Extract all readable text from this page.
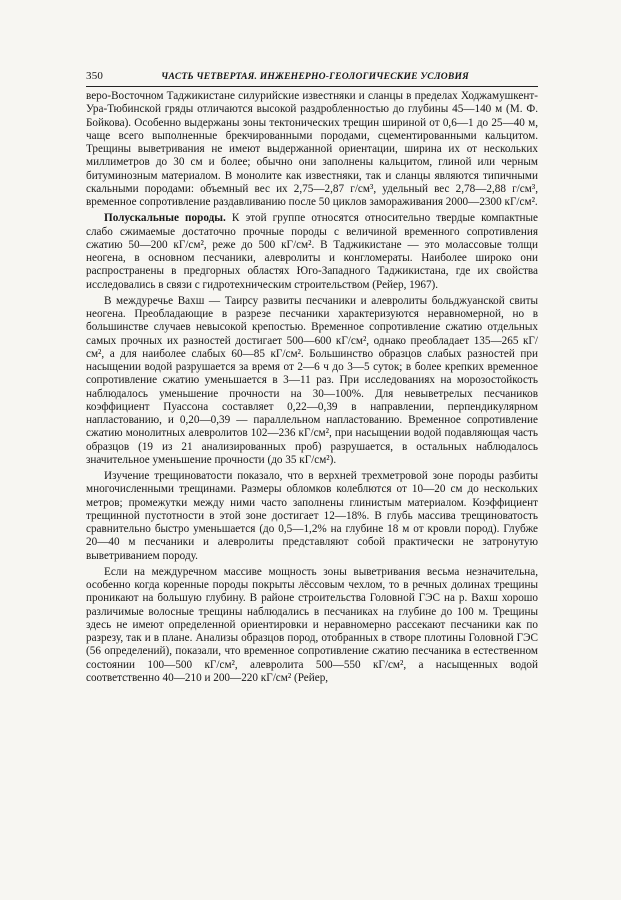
350	ЧАСТЬ ЧЕТВЕРТАЯ. ИНЖЕНЕРНО-ГЕОЛОГИЧЕСКИЕ УСЛОВИЯ

веро-Восточном Таджикистане силурийские известняки и сланцы в пределах Ходжамушкент-Ура-Тюбинской гряды отличаются высокой раздробленностью до глубины 45—140 м (М. Ф. Бойкова). Особенно выдержаны зоны тектонических трещин шириной от 0,6—1 до 25—40 м, чаще всего выполненные брекчированными породами, сцементированными кальцитом. Трещины выветривания не имеют выдержанной ориентации, ширина их от нескольких миллиметров до 30 см и более; обычно они заполнены кальцитом, глиной или черным битуминозным материалом. В монолите как известняки, так и сланцы являются типичными скальными породами: объемный вес их 2,75—2,87 г/см³, удельный вес 2,78—2,88 г/см³, временное сопротивление раздавливанию после 50 циклов замораживания 2000—2300 кГ/см².

Полускальные породы. К этой группе относятся относительно твердые компактные слабо сжимаемые достаточно прочные породы с величиной временного сопротивления сжатию 50—200 кГ/см², реже до 500 кГ/см². В Таджикистане — это молассовые толщи неогена, в основном песчаники, алевролиты и конгломераты. Наиболее широко они распространены в предгорных областях Юго-Западного Таджикистана, где их свойства исследовались в связи с гидротехническим строительством (Рейер, 1967).

В междуречье Вахш — Таирсу развиты песчаники и алевролиты больджуанской свиты неогена. Преобладающие в разрезе песчаники характеризуются неравномерной, но в большинстве случаев невысокой крепостью. Временное сопротивление сжатию отдельных самых прочных их разностей достигает 500—600 кГ/см², однако преобладает 135—265 кГ/см², а для наиболее слабых 60—85 кГ/см². Большинство образцов слабых разностей при насыщении водой разрушается за время от 2—6 ч до 3—5 суток; в более крепких временное сопротивление сжатию уменьшается в 3—11 раз. При исследованиях на морозостойкость наблюдалось уменьшение прочности на 30—100%. Для невыветрелых песчаников коэффициент Пуассона составляет 0,22—0,39 в направлении, перпендикулярном напластованию, и 0,20—0,39 — параллельном напластованию. Временное сопротивление сжатию монолитных алевролитов 102—236 кГ/см², при насыщении водой подавляющая часть образцов (19 из 21 анализированных проб) разрушается, в остальных наблюдалось значительное уменьшение прочности (до 35 кГ/см²).

Изучение трещиноватости показало, что в верхней трехметровой зоне породы разбиты многочисленными трещинами. Размеры обломков колеблются от 10—20 см до нескольких метров; промежутки между ними часто заполнены глинистым материалом. Коэффициент трещинной пустотности в этой зоне достигает 12—18%. В глубь массива трещиноватость сравнительно быстро уменьшается (до 0,5—1,2% на глубине 18 м от кровли пород). Глубже 20—40 м песчаники и алевролиты представляют собой практически не затронутую выветриванием породу.

Если на междуречном массиве мощность зоны выветривания весьма незначительна, особенно когда коренные породы покрыты лёссовым чехлом, то в речных долинах трещины проникают на большую глубину. В районе строительства Головной ГЭС на р. Вахш хорошо различимые волосные трещины наблюдались в песчаниках на глубине до 100 м. Трещины здесь не имеют определенной ориентировки и неравномерно рассекают песчаники как по разрезу, так и в плане. Анализы образцов пород, отобранных в створе плотины Головной ГЭС (56 определений), показали, что временное сопротивление сжатию песчаника в естественном состоянии 100—500 кГ/см², алевролита 500—550 кГ/см², а насыщенных водой соответственно 40—210 и 200—220 кГ/см² (Рейер,
